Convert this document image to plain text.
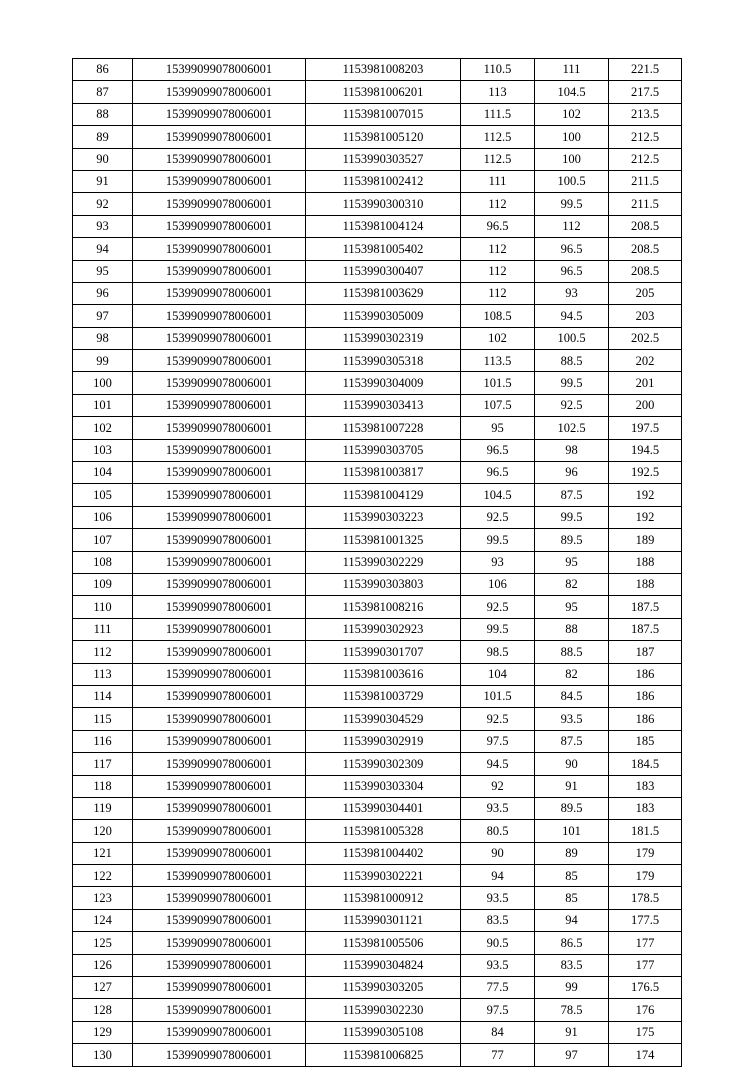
86	15399099078006001	1153981008203	110.5	111	221.5
87	15399099078006001	1153981006201	113	104.5	217.5
88	15399099078006001	1153981007015	111.5	102	213.5
89	15399099078006001	1153981005120	112.5	100	212.5
90	15399099078006001	1153990303527	112.5	100	212.5
91	15399099078006001	1153981002412	111	100.5	211.5
92	15399099078006001	1153990300310	112	99.5	211.5
93	15399099078006001	1153981004124	96.5	112	208.5
94	15399099078006001	1153981005402	112	96.5	208.5
95	15399099078006001	1153990300407	112	96.5	208.5
96	15399099078006001	1153981003629	112	93	205
97	15399099078006001	1153990305009	108.5	94.5	203
98	15399099078006001	1153990302319	102	100.5	202.5
99	15399099078006001	1153990305318	113.5	88.5	202
100	15399099078006001	1153990304009	101.5	99.5	201
101	15399099078006001	1153990303413	107.5	92.5	200
102	15399099078006001	1153981007228	95	102.5	197.5
103	15399099078006001	1153990303705	96.5	98	194.5
104	15399099078006001	1153981003817	96.5	96	192.5
105	15399099078006001	1153981004129	104.5	87.5	192
106	15399099078006001	1153990303223	92.5	99.5	192
107	15399099078006001	1153981001325	99.5	89.5	189
108	15399099078006001	1153990302229	93	95	188
109	15399099078006001	1153990303803	106	82	188
110	15399099078006001	1153981008216	92.5	95	187.5
111	15399099078006001	1153990302923	99.5	88	187.5
112	15399099078006001	1153990301707	98.5	88.5	187
113	15399099078006001	1153981003616	104	82	186
114	15399099078006001	1153981003729	101.5	84.5	186
115	15399099078006001	1153990304529	92.5	93.5	186
116	15399099078006001	1153990302919	97.5	87.5	185
117	15399099078006001	1153990302309	94.5	90	184.5
118	15399099078006001	1153990303304	92	91	183
119	15399099078006001	1153990304401	93.5	89.5	183
120	15399099078006001	1153981005328	80.5	101	181.5
121	15399099078006001	1153981004402	90	89	179
122	15399099078006001	1153990302221	94	85	179
123	15399099078006001	1153981000912	93.5	85	178.5
124	15399099078006001	1153990301121	83.5	94	177.5
125	15399099078006001	1153981005506	90.5	86.5	177
126	15399099078006001	1153990304824	93.5	83.5	177
127	15399099078006001	1153990303205	77.5	99	176.5
128	15399099078006001	1153990302230	97.5	78.5	176
129	15399099078006001	1153990305108	84	91	175
130	15399099078006001	1153981006825	77	97	174
